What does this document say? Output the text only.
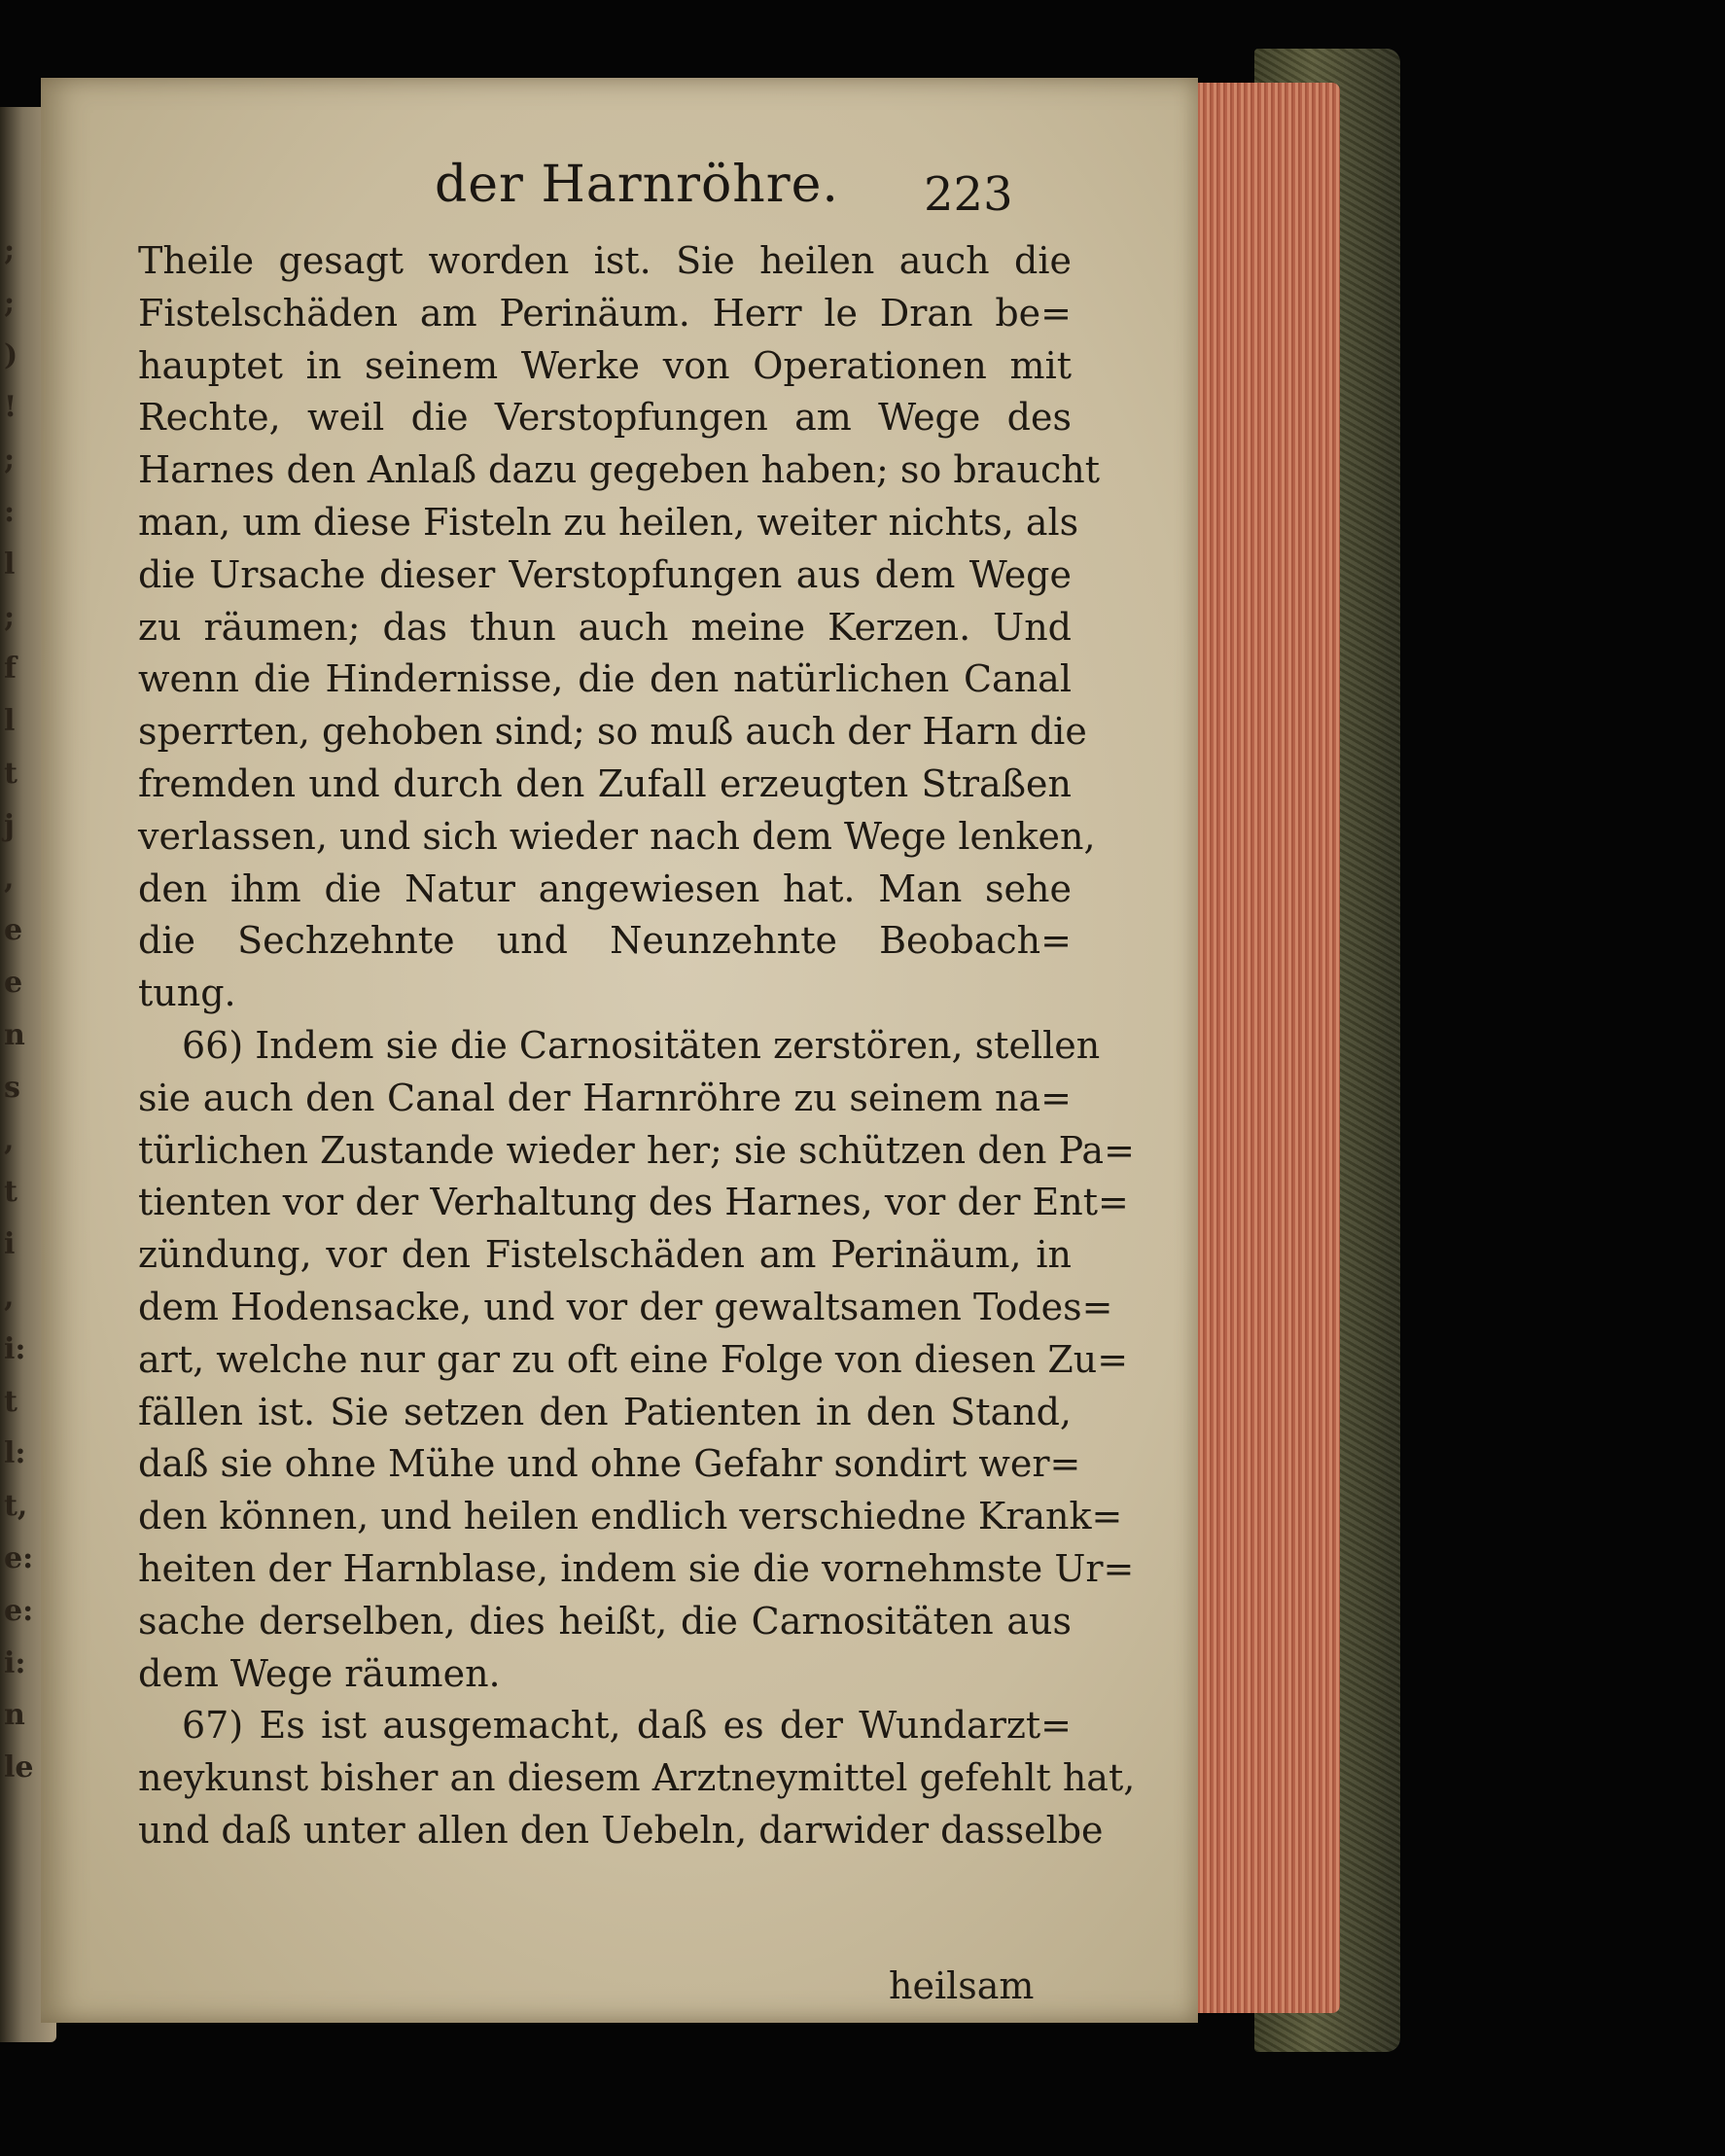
;
;
)
!
;
:
l
;
f
l
t
j
,
e
e
n
s
,
t
i
,
i:
t
l:
t,
e:
e:
i:
n
le
der Harnröhre. 223
Theile gesagt worden ist. Sie heilen auch die
Fistelschäden am Perinäum. Herr le Dran be=
hauptet in seinem Werke von Operationen mit
Rechte, weil die Verstopfungen am Wege des
Harnes den Anlaß dazu gegeben haben; so braucht
man, um diese Fisteln zu heilen, weiter nichts, als
die Ursache dieser Verstopfungen aus dem Wege
zu räumen; das thun auch meine Kerzen. Und
wenn die Hindernisse, die den natürlichen Canal
sperrten, gehoben sind; so muß auch der Harn die
fremden und durch den Zufall erzeugten Straßen
verlassen, und sich wieder nach dem Wege lenken,
den ihm die Natur angewiesen hat. Man sehe
die Sechzehnte und Neunzehnte Beobach=
tung.
66) Indem sie die Carnositäten zerstören, stellen
sie auch den Canal der Harnröhre zu seinem na=
türlichen Zustande wieder her; sie schützen den Pa=
tienten vor der Verhaltung des Harnes, vor der Ent=
zündung, vor den Fistelschäden am Perinäum, in
dem Hodensacke, und vor der gewaltsamen Todes=
art, welche nur gar zu oft eine Folge von diesen Zu=
fällen ist. Sie setzen den Patienten in den Stand,
daß sie ohne Mühe und ohne Gefahr sondirt wer=
den können, und heilen endlich verschiedne Krank=
heiten der Harnblase, indem sie die vornehmste Ur=
sache derselben, dies heißt, die Carnositäten aus
dem Wege räumen.
67) Es ist ausgemacht, daß es der Wundarzt=
neykunst bisher an diesem Arztneymittel gefehlt hat,
und daß unter allen den Uebeln, darwider dasselbe
heilsam
